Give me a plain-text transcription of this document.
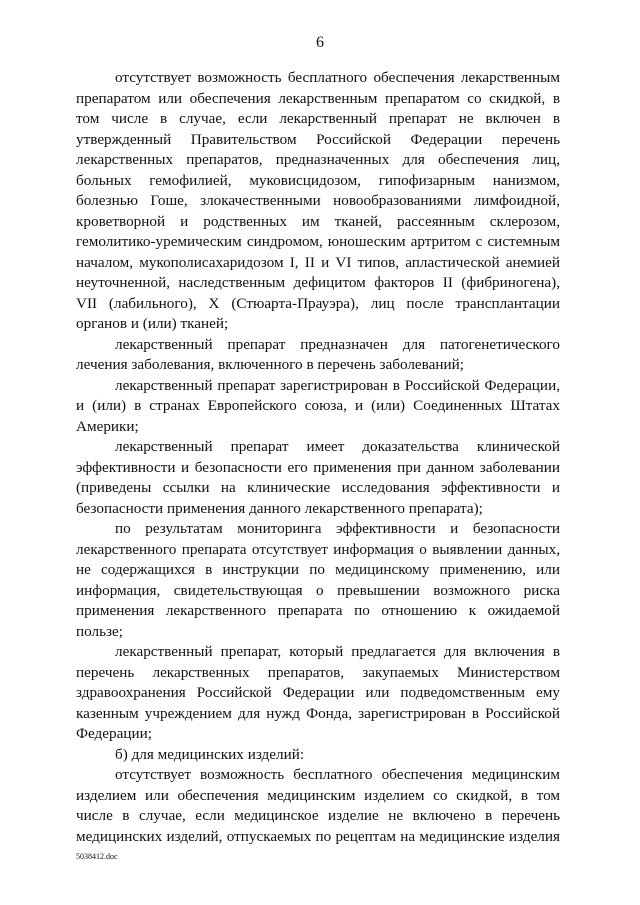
6

отсутствует возможность бесплатного обеспечения лекарственным препаратом или обеспечения лекарственным препаратом со скидкой, в том числе в случае, если лекарственный препарат не включен в утвержденный Правительством Российской Федерации перечень лекарственных препаратов, предназначенных для обеспечения лиц, больных гемофилией, муковисцидозом, гипофизарным нанизмом, болезнью Гоше, злокачественными новообразованиями лимфоидной, кроветворной и родственных им тканей, рассеянным склерозом, гемолитико-уремическим синдромом, юношеским артритом с системным началом, мукополисахаридозом I, II и VI типов, апластической анемией неуточненной, наследственным дефицитом факторов II (фибриногена), VII (лабильного), X (Стюарта-Прауэра), лиц после трансплантации органов и (или) тканей;

лекарственный препарат предназначен для патогенетического лечения заболевания, включенного в перечень заболеваний;

лекарственный препарат зарегистрирован в Российской Федерации, и (или) в странах Европейского союза, и (или) Соединенных Штатах Америки;

лекарственный препарат имеет доказательства клинической эффективности и безопасности его применения при данном заболевании (приведены ссылки на клинические исследования эффективности и безопасности применения данного лекарственного препарата);

по результатам мониторинга эффективности и безопасности лекарственного препарата отсутствует информация о выявлении данных, не содержащихся в инструкции по медицинскому применению, или информация, свидетельствующая о превышении возможного риска применения лекарственного препарата по отношению к ожидаемой пользе;

лекарственный препарат, который предлагается для включения в перечень лекарственных препаратов, закупаемых Министерством здравоохранения Российской Федерации или подведомственным ему казенным учреждением для нужд Фонда, зарегистрирован в Российской Федерации;

б) для медицинских изделий:

отсутствует возможность бесплатного обеспечения медицинским изделием или обеспечения медицинским изделием со скидкой, в том числе в случае, если медицинское изделие не включено в перечень медицинских изделий, отпускаемых по рецептам на медицинские изделия

5038412.doc
